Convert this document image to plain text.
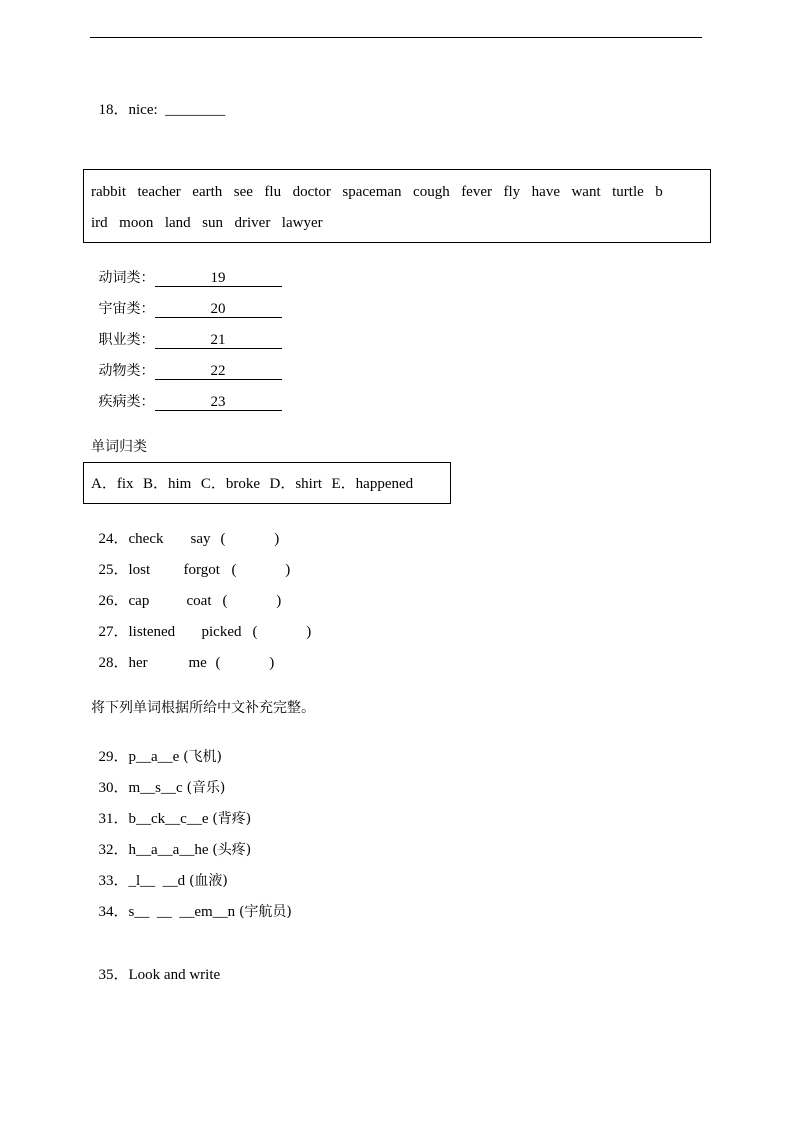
18．nice: ________

rabbit  teacher  earth  see  flu  doctor  spaceman  cough  fever  fly  have  want  turtle  b
ird  moon  land  sun  driver  lawyer

动词类：	19

宇宙类：	20

职业类：	21

动物类：	22

疾病类：	23

单词归类
A．fix  B．him  C．broke  D．shirt  E．happened

24．check say (             )

25．lost forgot (             )

26．cap coat (             )

27．listened picked (             )

28．her	me (             )

将下列单词根据所给中文补充完整。

29．p__a__e (飞机)

30．m__s__c (音乐)

31．b__ck__c__e (背疼)

32．h__a__a__he (头疼)

33．_l__  __d (血液)

34．s__  __  __em__n (宇航员)

35．Look and write
